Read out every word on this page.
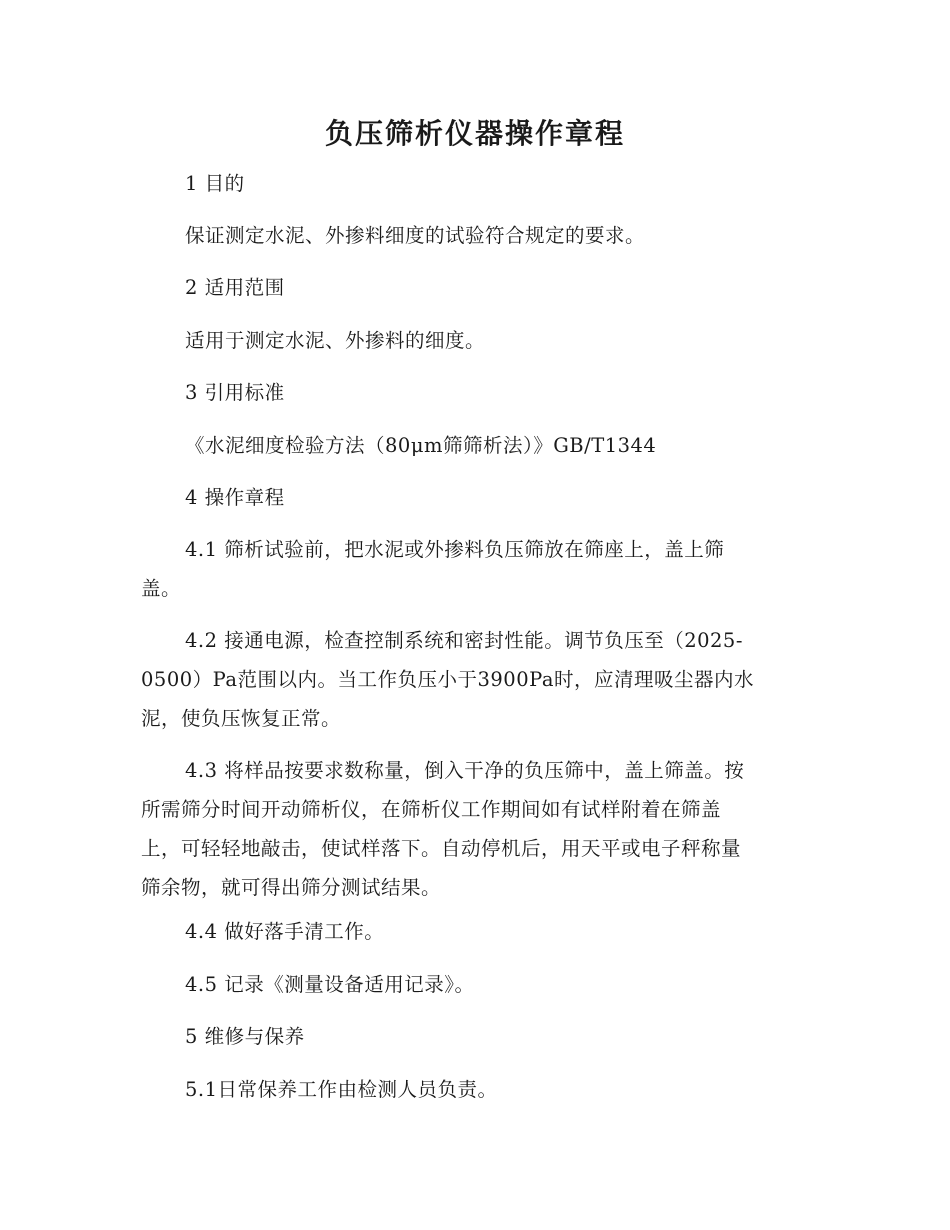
负压筛析仪器操作章程

1 目的

保证测定水泥、外掺料细度的试验符合规定的要求。

2 适用范围

适用于测定水泥、外掺料的细度。

3 引用标准

《水泥细度检验方法（80μm筛筛析法）》GB/T1344

4 操作章程

4.1 筛析试验前，把水泥或外掺料负压筛放在筛座上，盖上筛

盖。

4.2 接通电源，检查控制系统和密封性能。调节负压至（2025-

0500）Pa范围以内。当工作负压小于3900Pa时，应清理吸尘器内水

泥，使负压恢复正常。

4.3 将样品按要求数称量，倒入干净的负压筛中，盖上筛盖。按

所需筛分时间开动筛析仪，在筛析仪工作期间如有试样附着在筛盖

上，可轻轻地敲击，使试样落下。自动停机后，用天平或电子秤称量

筛余物，就可得出筛分测试结果。

4.4 做好落手清工作。

4.5 记录《测量设备适用记录》。

5 维修与保养

5.1日常保养工作由检测人员负责。
